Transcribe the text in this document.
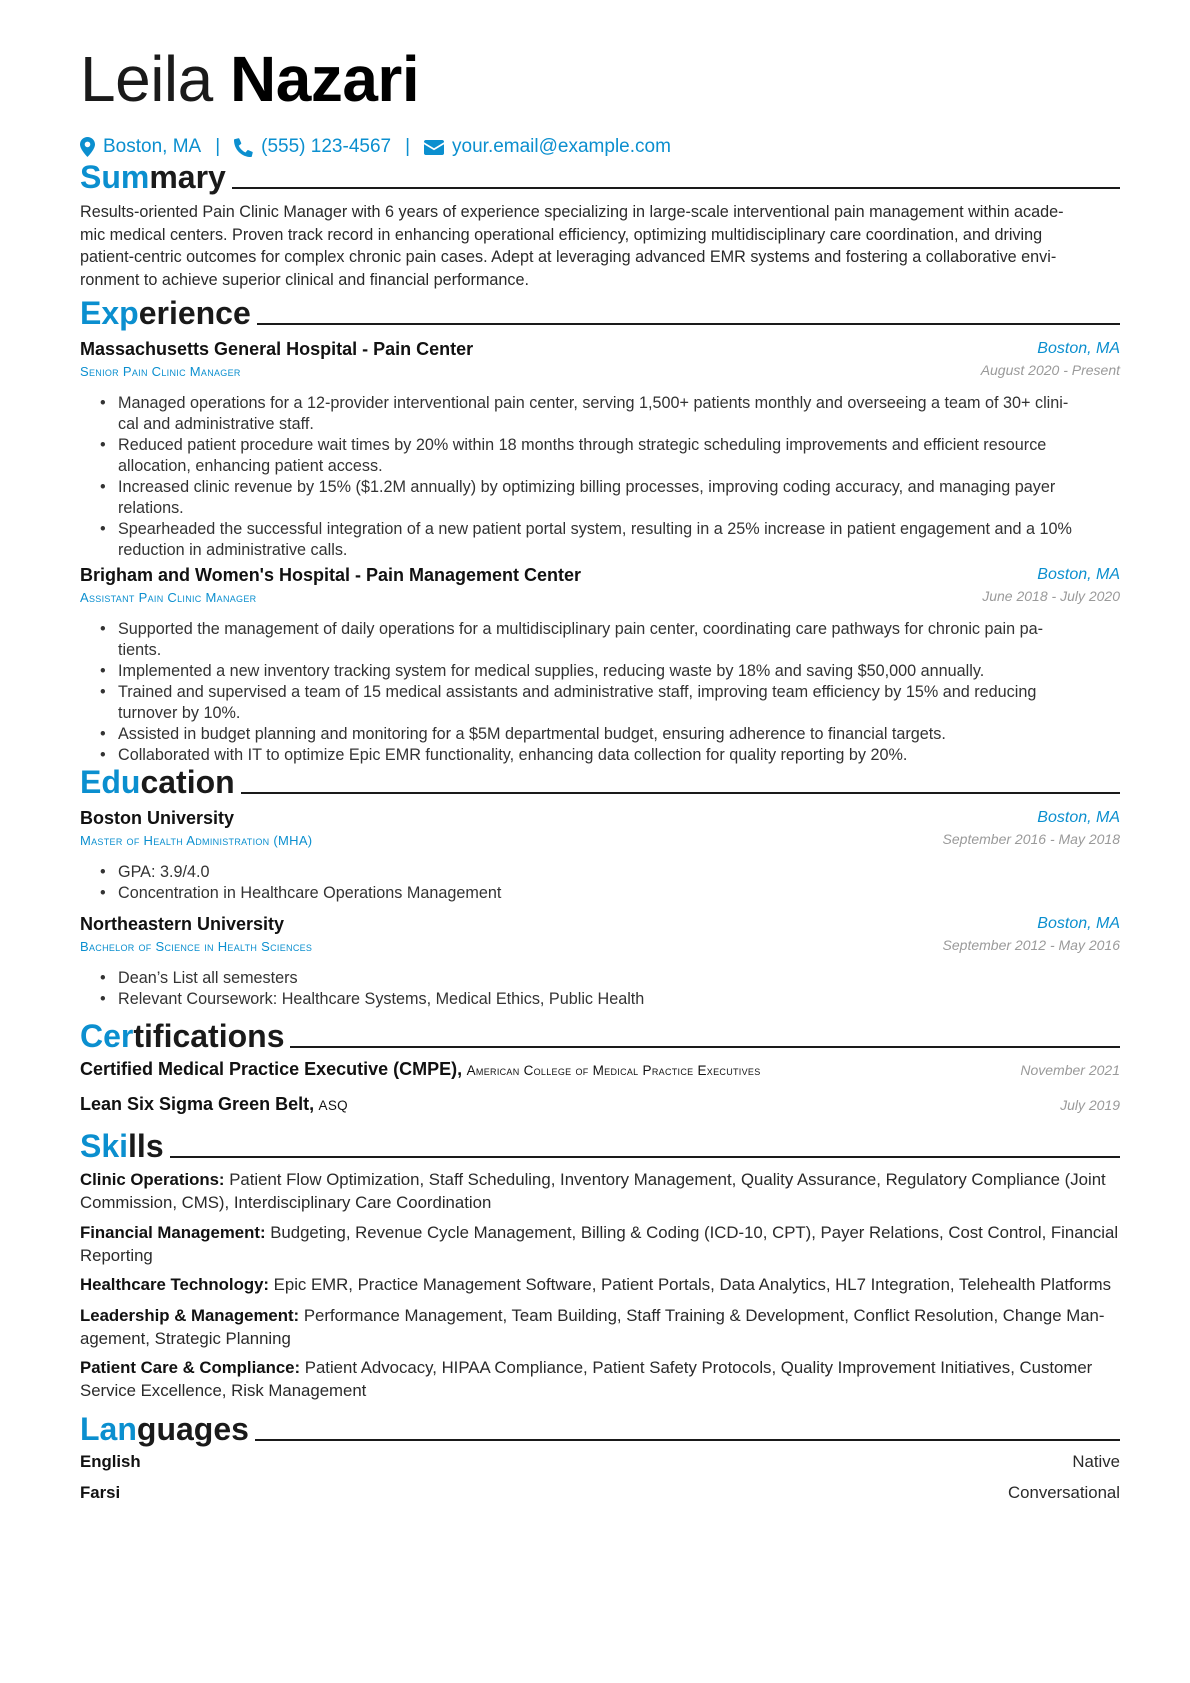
Leila Nazari
Boston, MA | (555) 123-4567 | your.email@example.com
Summary
Results-oriented Pain Clinic Manager with 6 years of experience specializing in large-scale interventional pain management within acade-
mic medical centers. Proven track record in enhancing operational efficiency, optimizing multidisciplinary care coordination, and driving
patient-centric outcomes for complex chronic pain cases. Adept at leveraging advanced EMR systems and fostering a collaborative envi-
ronment to achieve superior clinical and financial performance.
Experience
Massachusetts General Hospital - Pain Center	Boston, MA
Senior Pain Clinic Manager	August 2020 - Present
• Managed operations for a 12-provider interventional pain center, serving 1,500+ patients monthly and overseeing a team of 30+ clini-
cal and administrative staff.
• Reduced patient procedure wait times by 20% within 18 months through strategic scheduling improvements and efficient resource
allocation, enhancing patient access.
• Increased clinic revenue by 15% ($1.2M annually) by optimizing billing processes, improving coding accuracy, and managing payer
relations.
• Spearheaded the successful integration of a new patient portal system, resulting in a 25% increase in patient engagement and a 10%
reduction in administrative calls.
Brigham and Women's Hospital - Pain Management Center	Boston, MA
Assistant Pain Clinic Manager	June 2018 - July 2020
• Supported the management of daily operations for a multidisciplinary pain center, coordinating care pathways for chronic pain pa-
tients.
• Implemented a new inventory tracking system for medical supplies, reducing waste by 18% and saving $50,000 annually.
• Trained and supervised a team of 15 medical assistants and administrative staff, improving team efficiency by 15% and reducing
turnover by 10%.
• Assisted in budget planning and monitoring for a $5M departmental budget, ensuring adherence to financial targets.
• Collaborated with IT to optimize Epic EMR functionality, enhancing data collection for quality reporting by 20%.
Education
Boston University	Boston, MA
Master of Health Administration (MHA)	September 2016 - May 2018
• GPA: 3.9/4.0
• Concentration in Healthcare Operations Management
Northeastern University	Boston, MA
Bachelor of Science in Health Sciences	September 2012 - May 2016
• Dean’s List all semesters
• Relevant Coursework: Healthcare Systems, Medical Ethics, Public Health
Certifications
Certified Medical Practice Executive (CMPE), American College of Medical Practice Executives	November 2021
Lean Six Sigma Green Belt, ASQ	July 2019
Skills
Clinic Operations: Patient Flow Optimization, Staff Scheduling, Inventory Management, Quality Assurance, Regulatory Compliance (Joint
Commission, CMS), Interdisciplinary Care Coordination
Financial Management: Budgeting, Revenue Cycle Management, Billing & Coding (ICD-10, CPT), Payer Relations, Cost Control, Financial
Reporting
Healthcare Technology: Epic EMR, Practice Management Software, Patient Portals, Data Analytics, HL7 Integration, Telehealth Platforms
Leadership & Management: Performance Management, Team Building, Staff Training & Development, Conflict Resolution, Change Man-
agement, Strategic Planning
Patient Care & Compliance: Patient Advocacy, HIPAA Compliance, Patient Safety Protocols, Quality Improvement Initiatives, Customer
Service Excellence, Risk Management
Languages
English	Native
Farsi	Conversational
